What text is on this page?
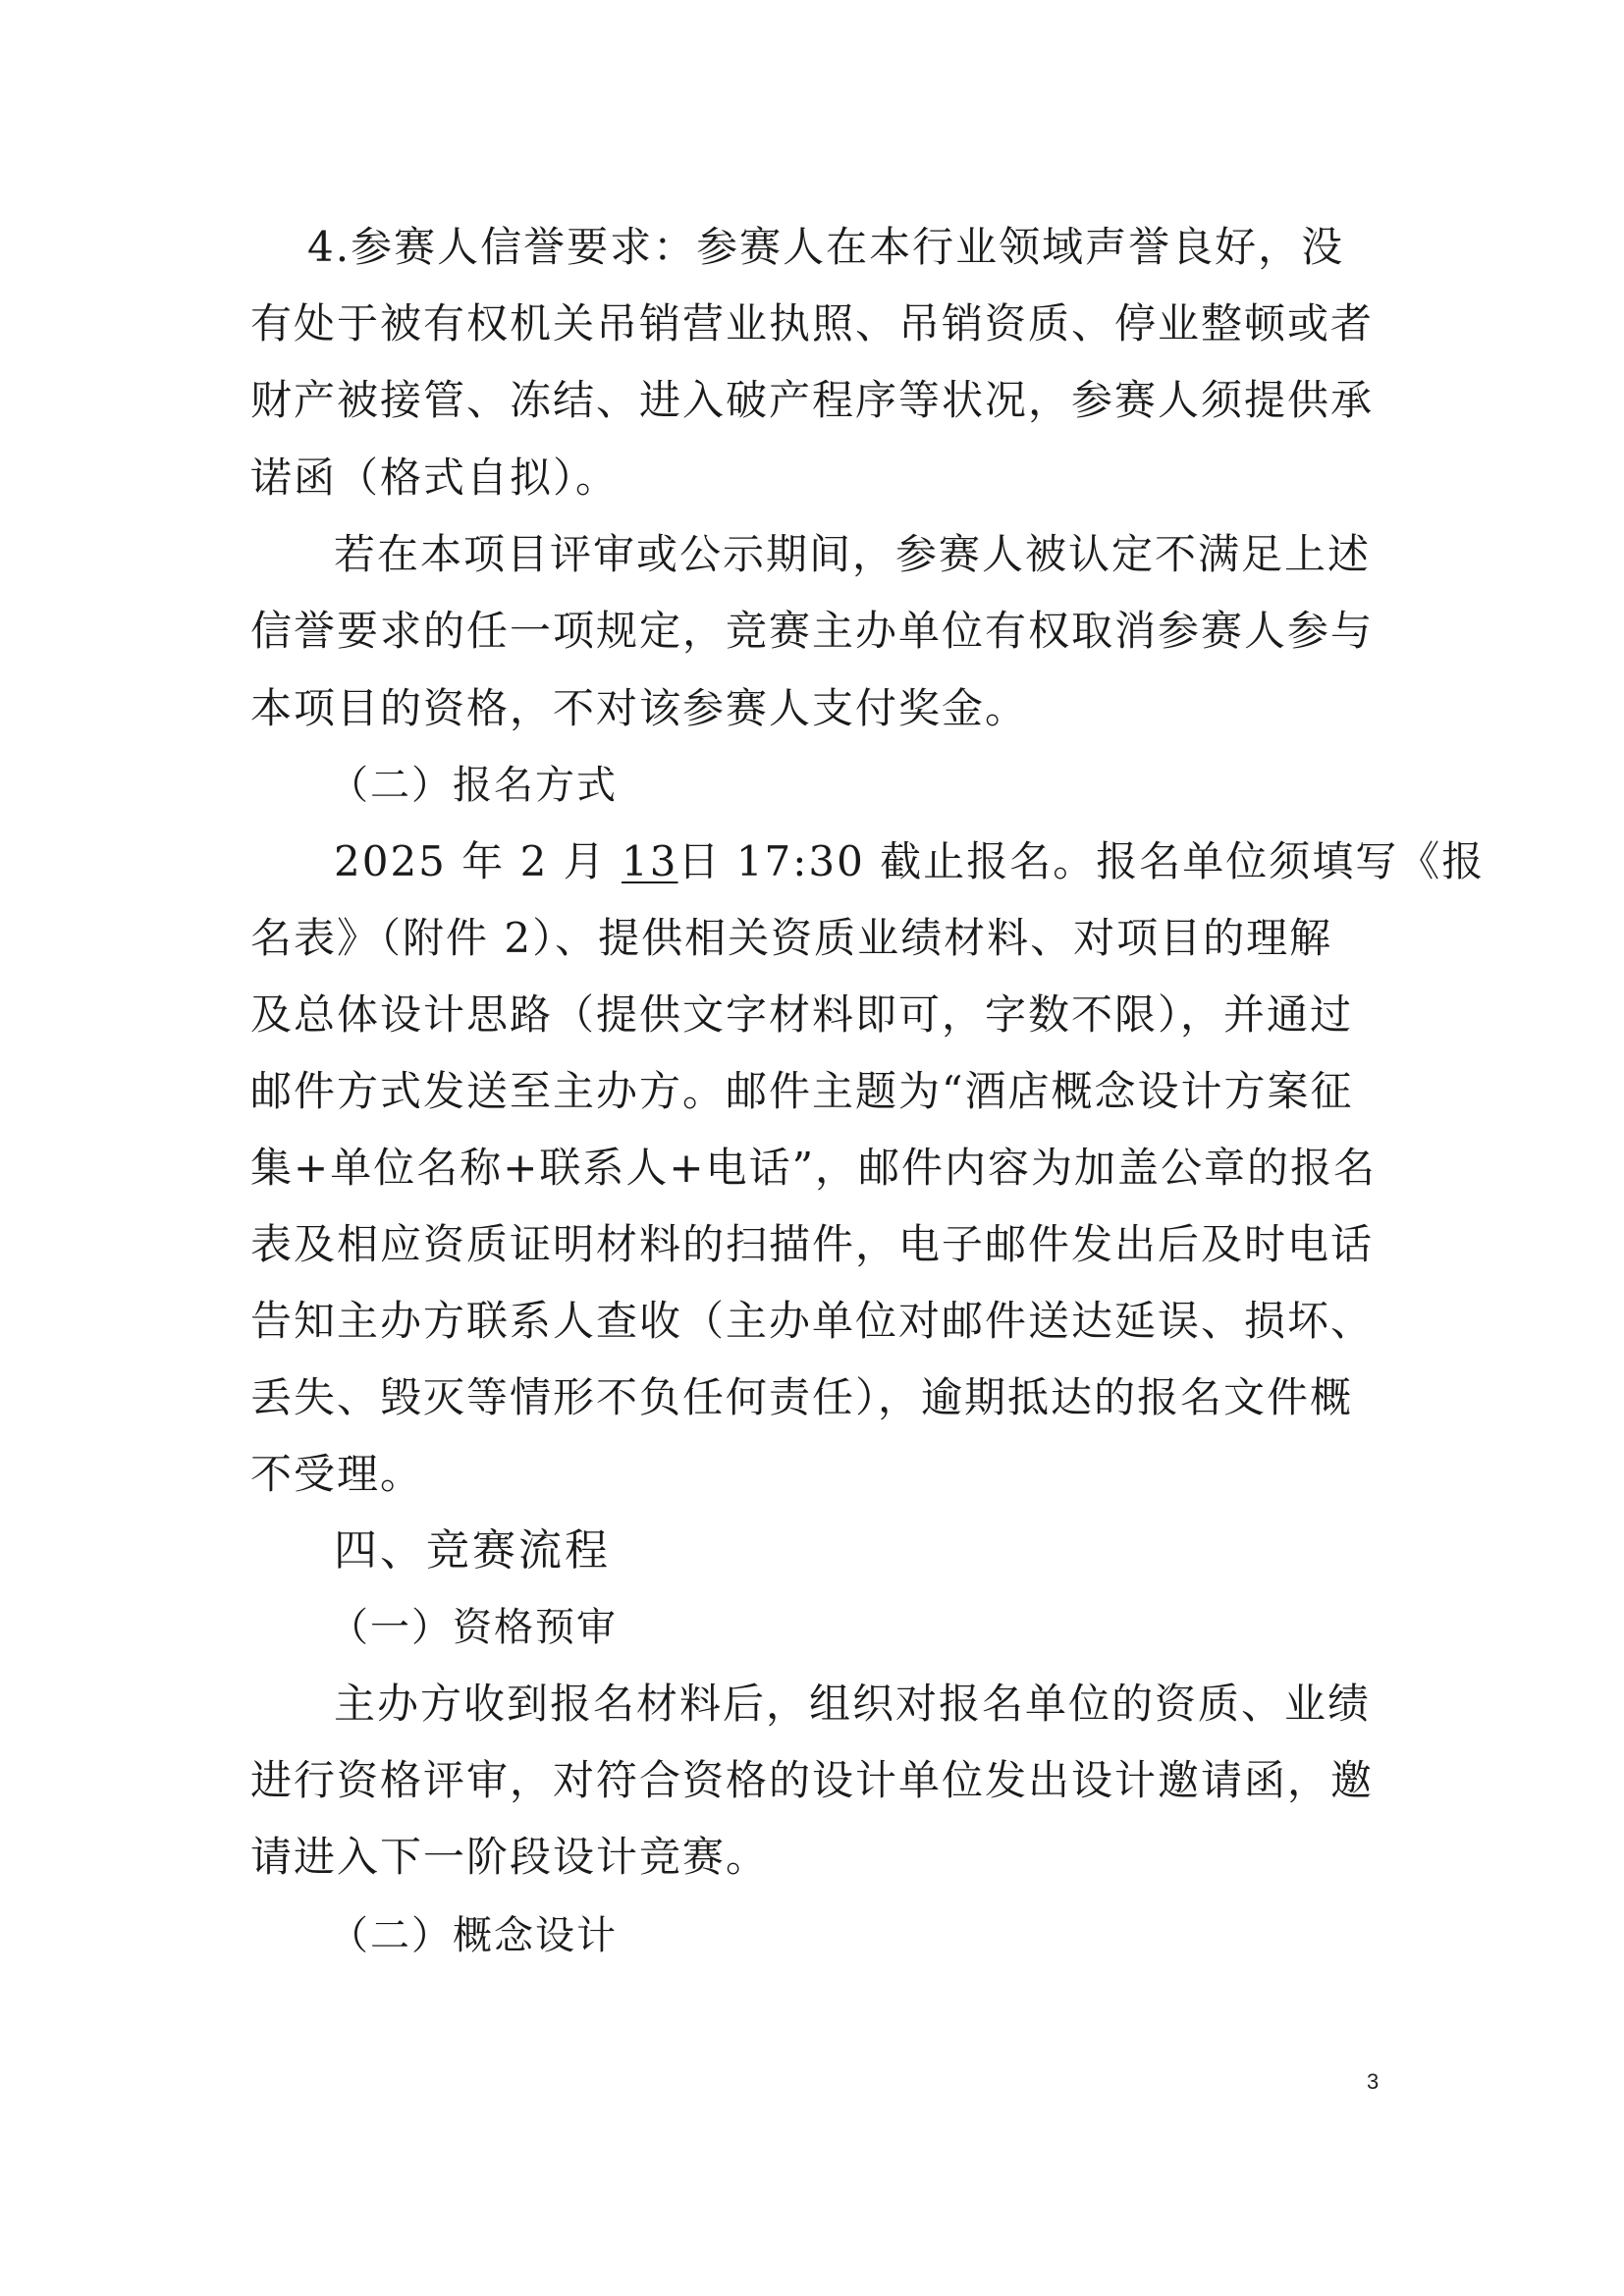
4.参赛人信誉要求：参赛人在本行业领域声誉良好，没
有处于被有权机关吊销营业执照、吊销资质、停业整顿或者
财产被接管、冻结、进入破产程序等状况，参赛人须提供承
诺函（格式自拟）。
若在本项目评审或公示期间，参赛人被认定不满足上述
信誉要求的任一项规定，竞赛主办单位有权取消参赛人参与
本项目的资格，不对该参赛人支付奖金。
（二）报名方式
2025 年 2 月 13日 17:30 截止报名。报名单位须填写《报
名表》（附件 2）、提供相关资质业绩材料、对项目的理解
及总体设计思路（提供文字材料即可，字数不限），并通过
邮件方式发送至主办方。邮件主题为“酒店概念设计方案征
集+单位名称+联系人+电话”，邮件内容为加盖公章的报名
表及相应资质证明材料的扫描件，电子邮件发出后及时电话
告知主办方联系人查收（主办单位对邮件送达延误、损坏、
丢失、毁灭等情形不负任何责任），逾期抵达的报名文件概
不受理。
四、竞赛流程
（一）资格预审
主办方收到报名材料后，组织对报名单位的资质、业绩
进行资格评审，对符合资格的设计单位发出设计邀请函，邀
请进入下一阶段设计竞赛。
（二）概念设计
3
